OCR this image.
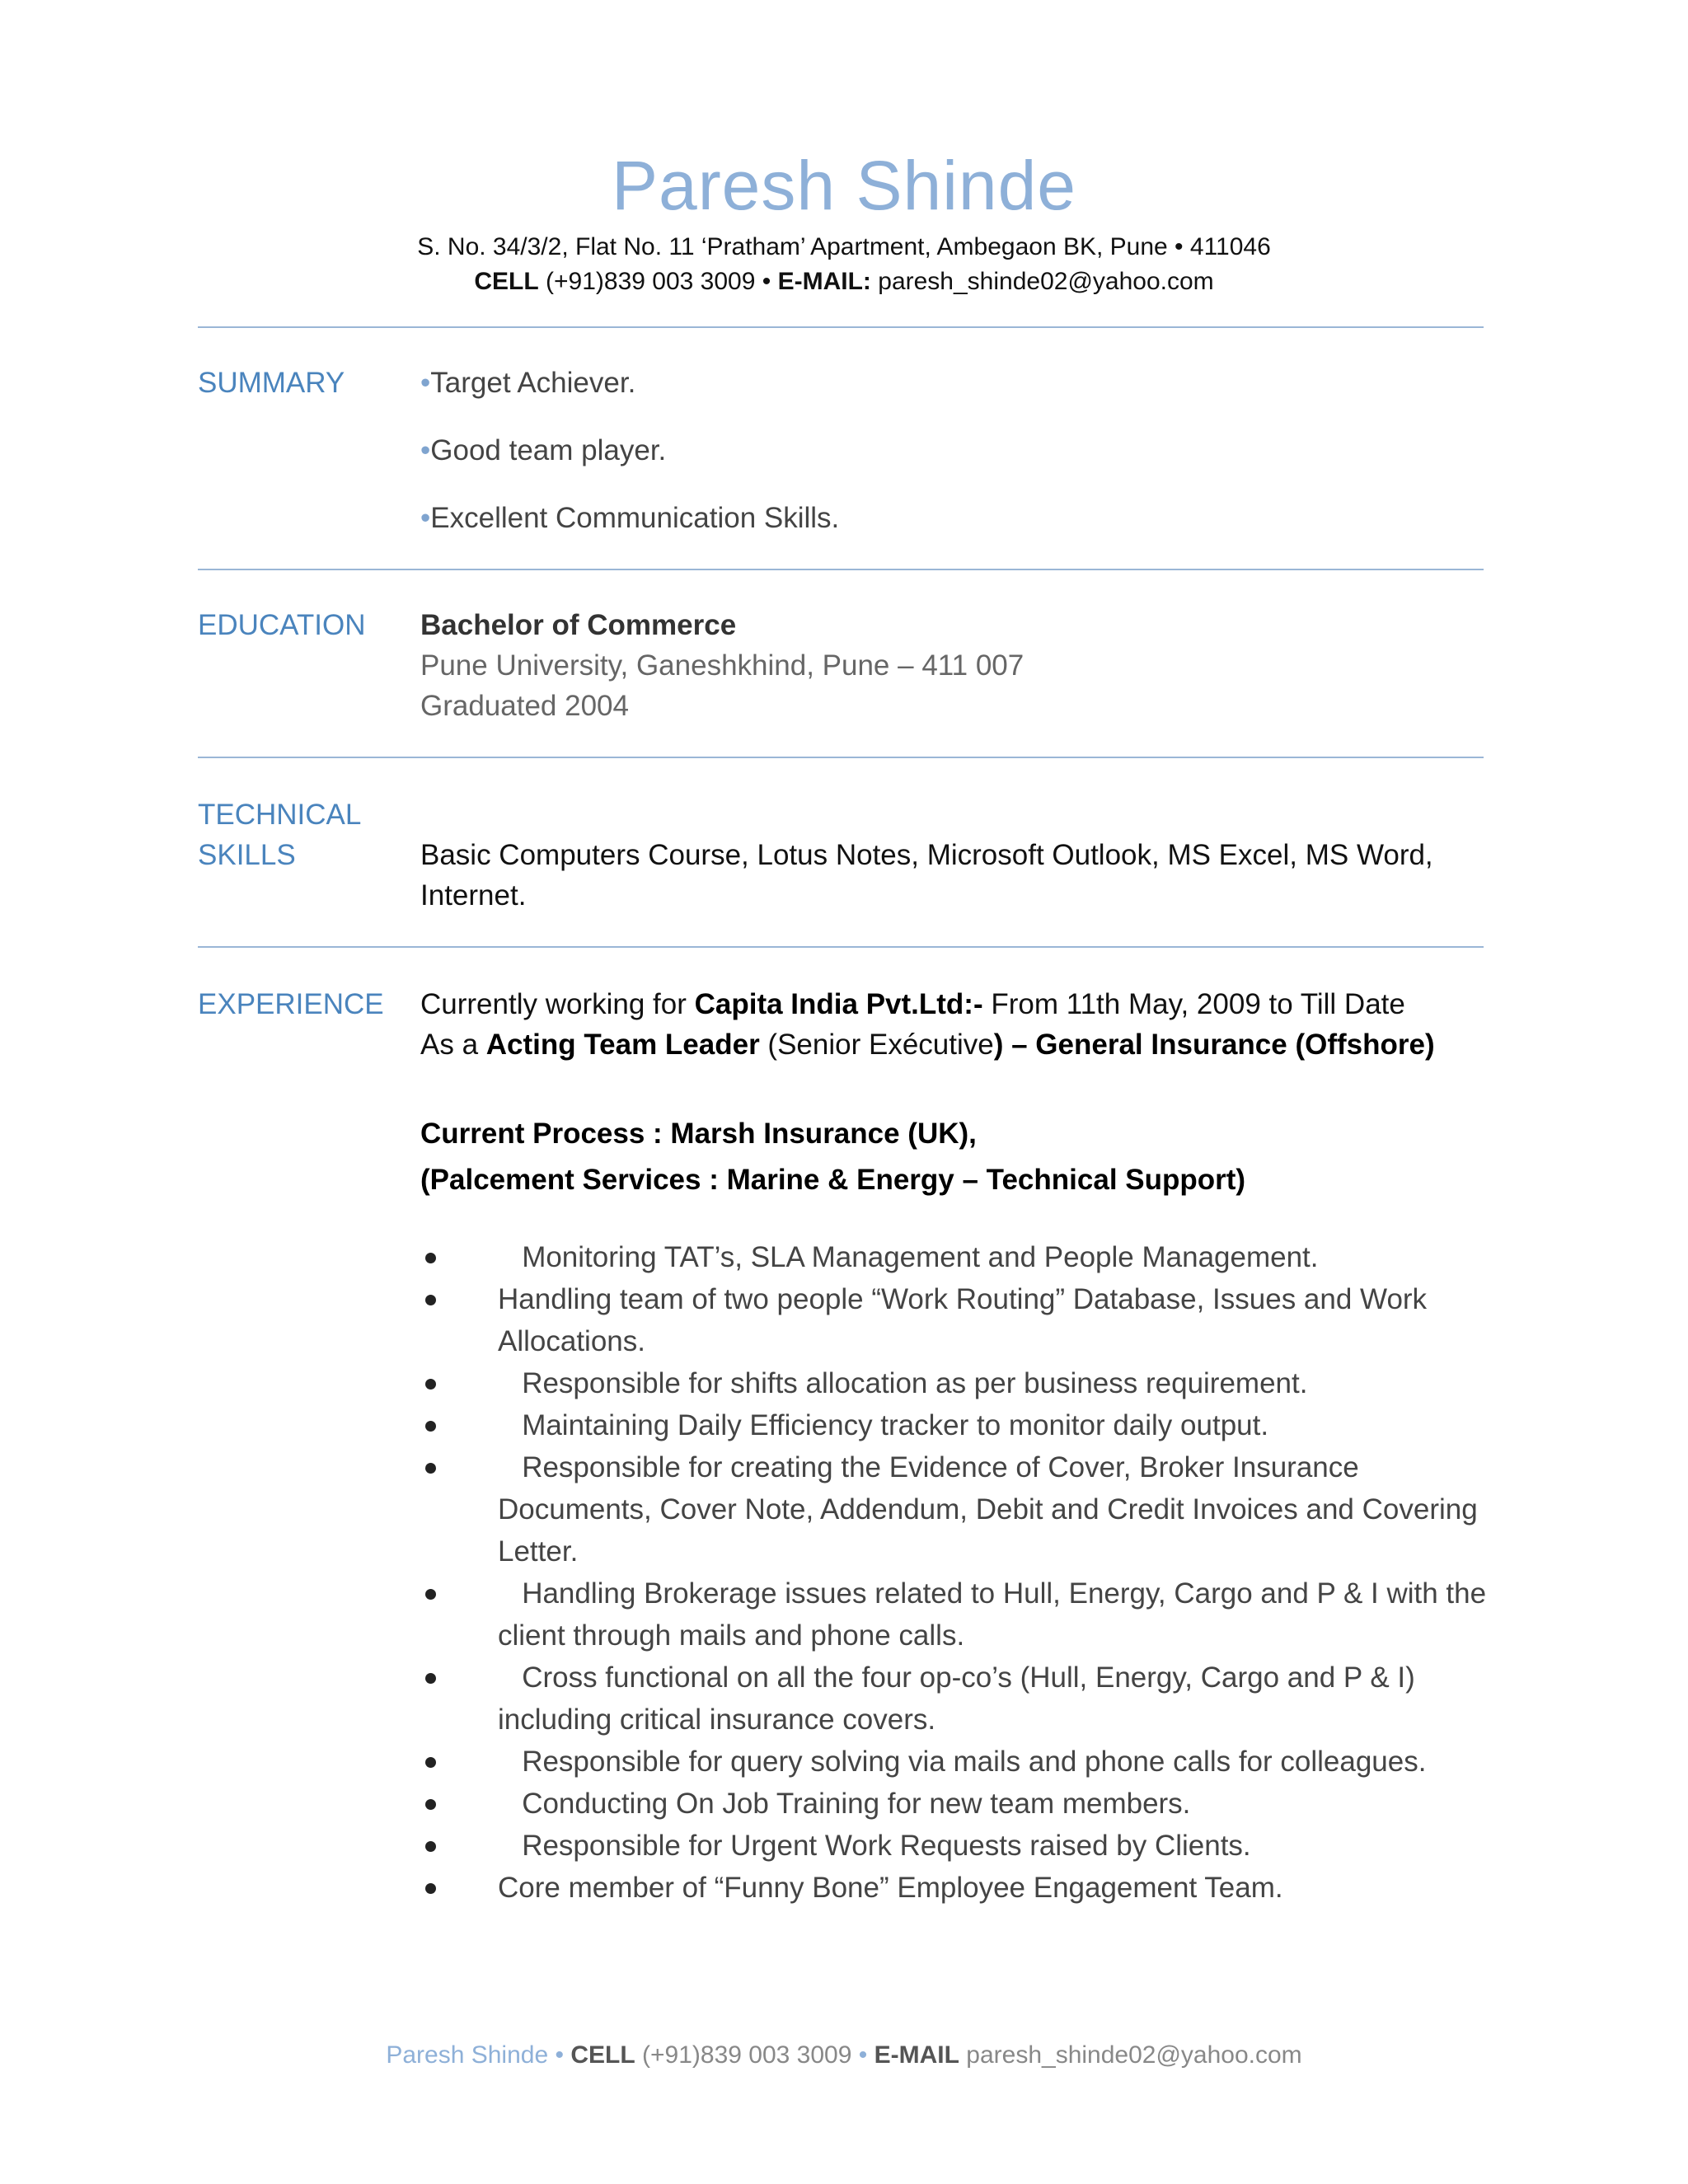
Paresh Shinde
S. No. 34/3/2, Flat No. 11 ‘Pratham’ Apartment, Ambegaon BK, Pune • 411046
CELL (+91)839 003 3009 • E-MAIL: paresh_shinde02@yahoo.com
SUMMARY	•Target Achiever.
•Good team player.
•Excellent Communication Skills.
EDUCATION Bachelor of Commerce
Pune University, Ganeshkhind, Pune – 411 007
Graduated 2004
TECHNICAL
SKILLS	Basic Computers Course, Lotus Notes, Microsoft Outlook, MS Excel, MS Word,
Internet.
EXPERIENCE Currently working for Capita India Pvt.Ltd:- From 11th May, 2009 to Till Date
As a Acting Team Leader (Senior Exécutive) – General Insurance (Offshore)
Current Process : Marsh Insurance (UK),
(Palcement Services : Marine & Energy – Technical Support)
Monitoring TAT’s, SLA Management and People Management.
Handling team of two people “Work Routing” Database, Issues and Work Allocations.
Responsible for shifts allocation as per business requirement.
Maintaining Daily Efficiency tracker to monitor daily output.
Responsible for creating the Evidence of Cover, Broker Insurance Documents, Cover Note, Addendum, Debit and Credit Invoices and Covering Letter.
Handling Brokerage issues related to Hull, Energy, Cargo and P & I with the client through mails and phone calls.
Cross functional on all the four op-co’s (Hull, Energy, Cargo and P & I) including critical insurance covers.
Responsible for query solving via mails and phone calls for colleagues.
Conducting On Job Training for new team members.
Responsible for Urgent Work Requests raised by Clients.
Core member of “Funny Bone” Employee Engagement Team.
Paresh Shinde • CELL (+91)839 003 3009 • E-MAIL paresh_shinde02@yahoo.com
